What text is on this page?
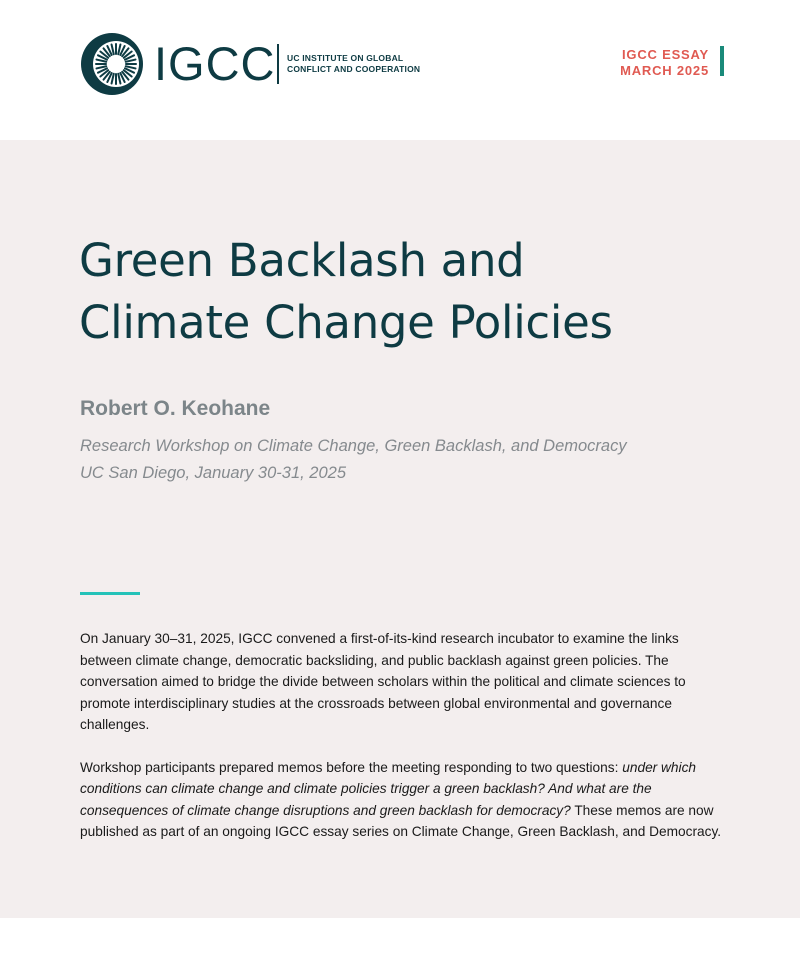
IGCC UC INSTITUTE ON GLOBAL
CONFLICT AND COOPERATION
IGCC ESSAY
MARCH 2025
Green Backlash and
Climate Change Policies
Robert O. Keohane
Research Workshop on Climate Change, Green Backlash, and Democracy
UC San Diego, January 30-31, 2025

On January 30–31, 2025, IGCC convened a first-of-its-kind research incubator to examine the links between climate change, democratic backsliding, and public backlash against green policies. The conversation aimed to bridge the divide between scholars within the political and climate sciences to promote interdisciplinary studies at the crossroads between global environmental and governance challenges.

Workshop participants prepared memos before the meeting responding to two questions: under which conditions can climate change and climate policies trigger a green backlash? And what are the consequences of climate change disruptions and green backlash for democracy? These memos are now published as part of an ongoing IGCC essay series on Climate Change, Green Backlash, and Democracy.
